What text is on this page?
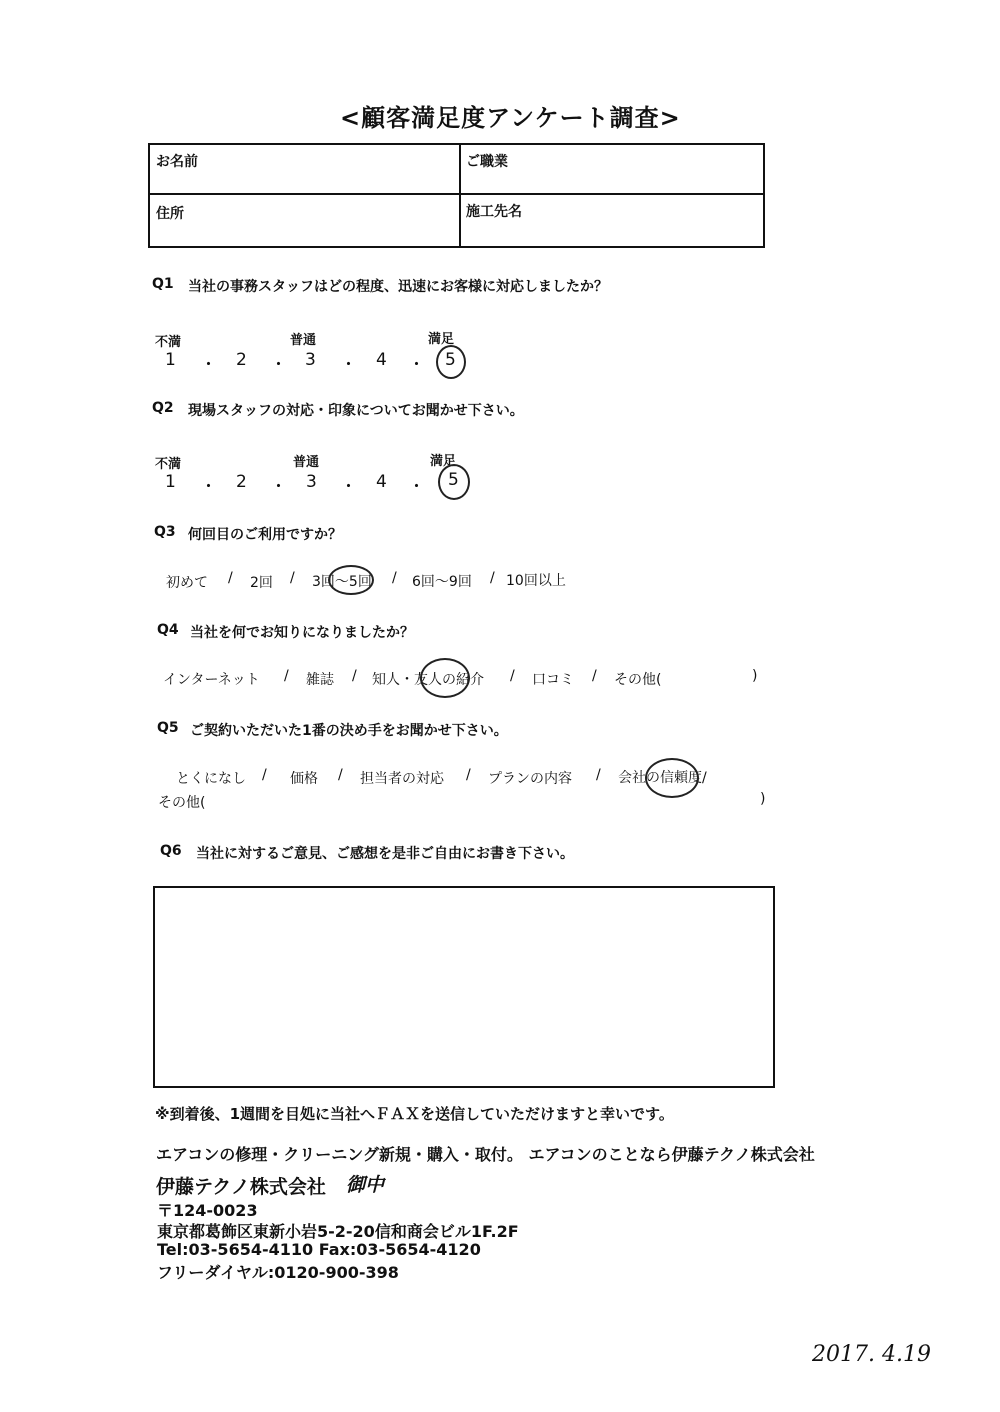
<顧客満足度アンケート調査>
お名前	ご職業
住所	施工先名
Q1 当社の事務スタッフはどの程度、迅速にお客様に対応しましたか？
不満	普通	満足
1 ・ 2 ・ 3 ・ 4 ・ 5
Q2 現場スタッフの対応・印象についてお聞かせ下さい。
不満	普通	満足
1 ・ 2 ・ 3 ・ 4 ・ 5
Q3 何回目のご利用ですか？
初めて / 2回 / 3回〜5回 / 6回〜9回 / 10回以上
Q4 当社を何でお知りになりましたか？
インターネット / 雑誌 / 知人・友人の紹介 / 口コミ / その他(	)
Q5 ご契約いただいた1番の決め手をお聞かせ下さい。
とくになし / 価格 / 担当者の対応 / プランの内容 / 会社の信頼度/
その他(	)
Q6 当社に対するご意見、ご感想を是非ご自由にお書き下さい。
※到着後、1週間を目処に当社へＦＡＸを送信していただけますと幸いです。
エアコンの修理・クリーニング新規・購入・取付。 エアコンのことなら伊藤テクノ株式会社
伊藤テクノ株式会社 御中
〒124-0023
東京都葛飾区東新小岩5-2-20信和商会ビル1F.2F
Tel:03-5654-4110 Fax:03-5654-4120
フリーダイヤル:0120-900-398
2017. 4.19
